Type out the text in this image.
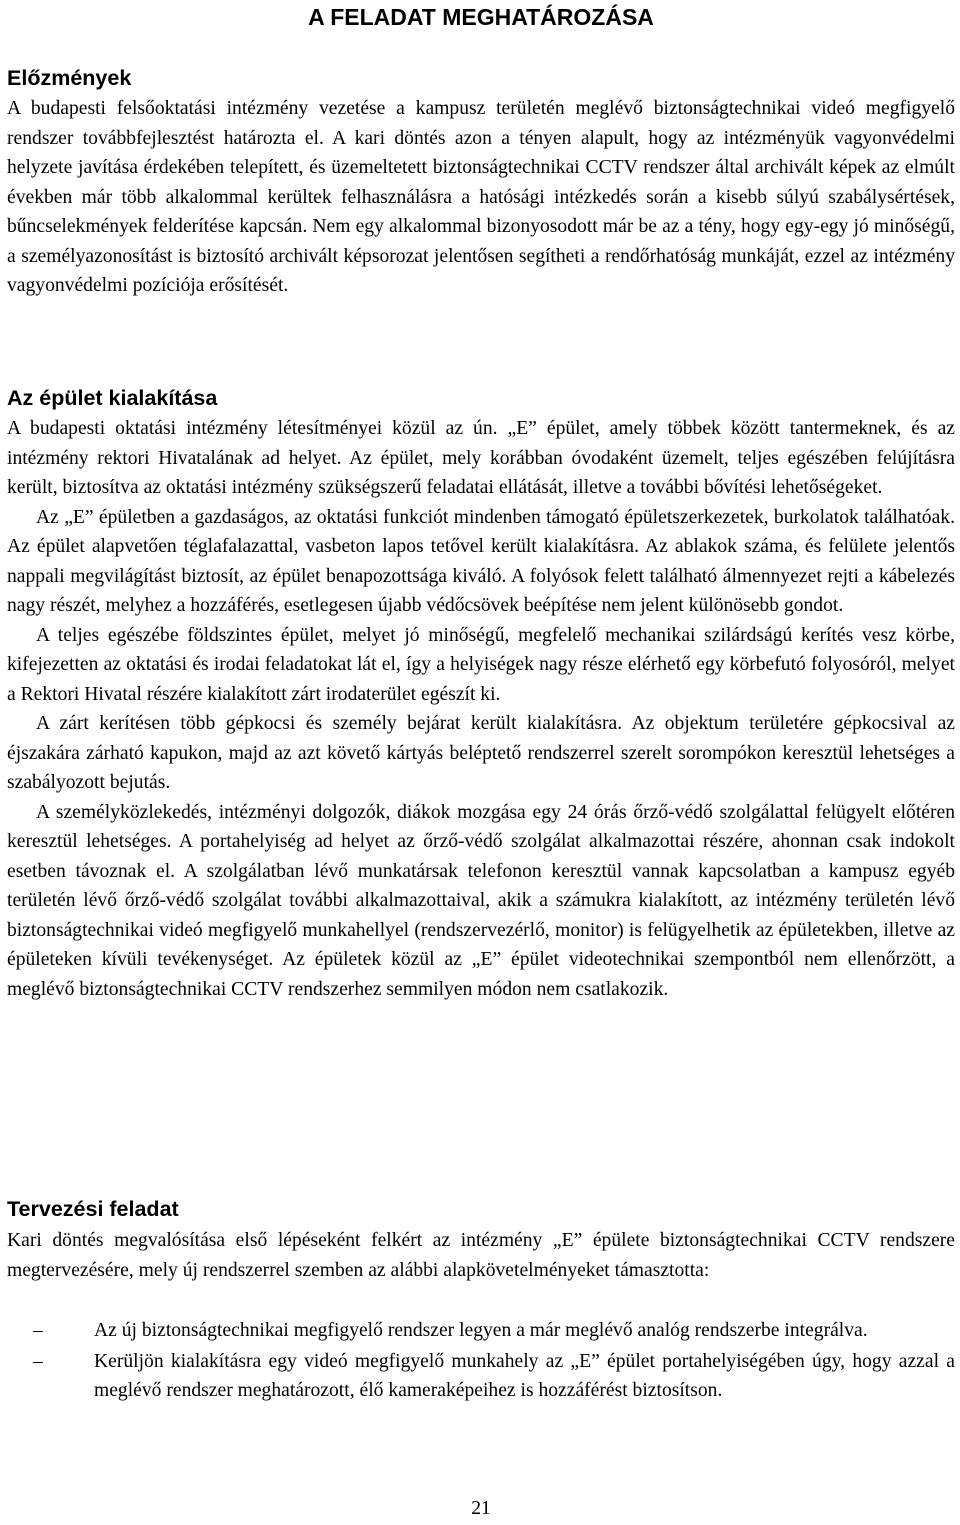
A FELADAT MEGHATÁROZÁSA
Előzmények

A budapesti felsőoktatási intézmény vezetése a kampusz területén meglévő biztonságtechnikai videó megfigyelő rendszer továbbfejlesztést határozta el. A kari döntés azon a tényen alapult, hogy az intézményük vagyonvédelmi helyzete javítása érdekében telepített, és üzemeltetett biztonságtechnikai CCTV rendszer által archivált képek az elmúlt években már több alkalommal kerültek felhasználásra a hatósági intézkedés során a kisebb súlyú szabálysértések, bűncselekmények felderítése kapcsán. Nem egy alkalommal bizonyosodott már be az a tény, hogy egy-egy jó minőségű, a személyazonosítást is biztosító archivált képsorozat jelentősen segítheti a rendőrhatóság munkáját, ezzel az intézmény vagyonvédelmi pozíciója erősítését.

Az épület kialakítása

A budapesti oktatási intézmény létesítményei közül az ún. „E” épület, amely többek között tantermeknek, és az intézmény rektori Hivatalának ad helyet. Az épület, mely korábban óvodaként üzemelt, teljes egészében felújításra került, biztosítva az oktatási intézmény szükségszerű feladatai ellátását, illetve a további bővítési lehetőségeket.

Az „E” épületben a gazdaságos, az oktatási funkciót mindenben támogató épületszerkezetek, burkolatok találhatóak. Az épület alapvetően téglafalazattal, vasbeton lapos tetővel került kialakításra. Az ablakok száma, és felülete jelentős nappali megvilágítást biztosít, az épület benapozottsága kiváló. A folyósok felett található álmennyezet rejti a kábelezés nagy részét, melyhez a hozzáférés, esetlegesen újabb védőcsövek beépítése nem jelent különösebb gondot.

A teljes egészébe földszintes épület, melyet jó minőségű, megfelelő mechanikai szilárdságú kerítés vesz körbe, kifejezetten az oktatási és irodai feladatokat lát el, így a helyiségek nagy része elérhető egy körbefutó folyosóról, melyet a Rektori Hivatal részére kialakított zárt irodaterület egészít ki.

A zárt kerítésen több gépkocsi és személy bejárat került kialakításra. Az objektum területére gépkocsival az éjszakára zárható kapukon, majd az azt követő kártyás beléptető rendszerrel szerelt sorompókon keresztül lehetséges a szabályozott bejutás.

A személyközlekedés, intézményi dolgozók, diákok mozgása egy 24 órás őrző-védő szolgálattal felügyelt előtéren keresztül lehetséges. A portahelyiség ad helyet az őrző-védő szolgálat alkalmazottai részére, ahonnan csak indokolt esetben távoznak el. A szolgálatban lévő munkatársak telefonon keresztül vannak kapcsolatban a kampusz egyéb területén lévő őrző-védő szolgálat további alkalmazottaival, akik a számukra kialakított, az intézmény területén lévő biztonságtechnikai videó megfigyelő munkahellyel (rendszervezérlő, monitor) is felügyelhetik az épületekben, illetve az épületeken kívüli tevékenységet. Az épületek közül az „E” épület videotechnikai szempontból nem ellenőrzött, a meglévő biztonságtechnikai CCTV rendszerhez semmilyen módon nem csatlakozik.

Tervezési feladat

Kari döntés megvalósítása első lépéseként felkért az intézmény „E” épülete biztonságtechnikai CCTV rendszere megtervezésére, mely új rendszerrel szemben az alábbi alapkövetelményeket támasztotta:

–	Az új biztonságtechnikai megfigyelő rendszer legyen a már meglévő analóg rendszerbe integrálva.
–	Kerüljön kialakításra egy videó megfigyelő munkahely az „E” épület portahelyiségében úgy, hogy azzal a meglévő rendszer meghatározott, élő kameraképeihez is hozzáférést biztosítson.
21
